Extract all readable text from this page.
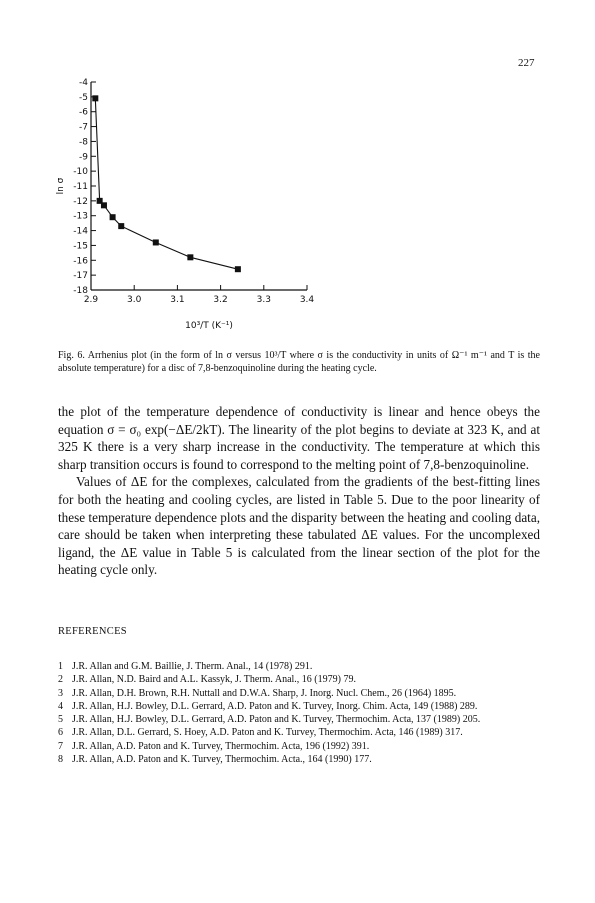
227
-4
-5
-6
-7
-8
-9
-10
-11
-12
-13
-14
-15
-16
-17
-18
2.9	3.0	3.1	3.2	3.3	3.4
ln σ
10³/T (K⁻¹)
Fig. 6. Arrhenius plot (in the form of ln σ versus 10³/T where σ is the conductivity in units of Ω⁻¹ m⁻¹ and T is the absolute temperature) for a disc of 7,8-benzoquinoline during the heating cycle.

the plot of the temperature dependence of conductivity is linear and hence obeys the equation σ = σ₀ exp(−ΔE/2kT). The linearity of the plot begins to deviate at 323 K, and at 325 K there is a very sharp increase in the conductivity. The temperature at which this sharp transition occurs is found to correspond to the melting point of 7,8-benzoquinoline.

Values of ΔE for the complexes, calculated from the gradients of the best-fitting lines for both the heating and cooling cycles, are listed in Table 5. Due to the poor linearity of these temperature dependence plots and the disparity between the heating and cooling data, care should be taken when interpreting these tabulated ΔE values. For the uncomplexed ligand, the ΔE value in Table 5 is calculated from the linear section of the plot for the heating cycle only.

REFERENCES
1 J.R. Allan and G.M. Baillie, J. Therm. Anal., 14 (1978) 291.
2 J.R. Allan, N.D. Baird and A.L. Kassyk, J. Therm. Anal., 16 (1979) 79.
3 J.R. Allan, D.H. Brown, R.H. Nuttall and D.W.A. Sharp, J. Inorg. Nucl. Chem., 26 (1964) 1895.
4 J.R. Allan, H.J. Bowley, D.L. Gerrard, A.D. Paton and K. Turvey, Inorg. Chim. Acta, 149 (1988) 289.
5 J.R. Allan, H.J. Bowley, D.L. Gerrard, A.D. Paton and K. Turvey, Thermochim. Acta, 137 (1989) 205.
6 J.R. Allan, D.L. Gerrard, S. Hoey, A.D. Paton and K. Turvey, Thermochim. Acta, 146 (1989) 317.
7 J.R. Allan, A.D. Paton and K. Turvey, Thermochim. Acta, 196 (1992) 391.
8 J.R. Allan, A.D. Paton and K. Turvey, Thermochim. Acta., 164 (1990) 177.
